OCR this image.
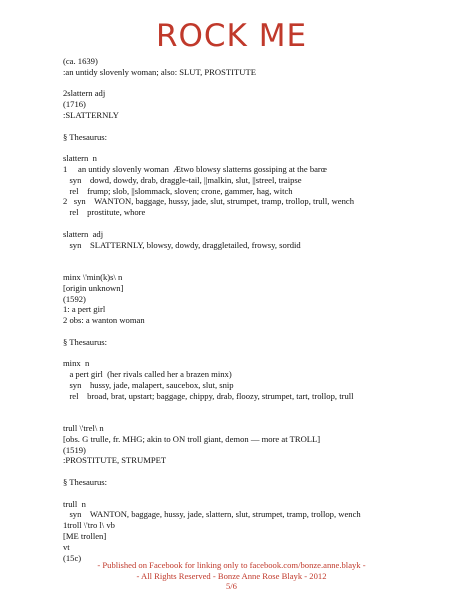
ROCK ME
(ca. 1639)
:an untidy slovenly woman; also: SLUT, PROSTITUTE
2slattern adj
(1716)
:SLATTERNLY
§ Thesaurus:
slattern  n
1     an untidy slovenly woman  Ætwo blowsy slatterns gossiping at the barœ
syn    dowd, dowdy, drab, draggle-tail, ||malkin, slut, ||streel, traipse
rel    frump; slob, ||slommack, sloven; crone, gammer, hag, witch
2   syn    WANTON, baggage, hussy, jade, slut, strumpet, tramp, trollop, trull, wench
rel    prostitute, whore
slattern  adj
syn    SLATTERNLY, blowsy, dowdy, draggletailed, frowsy, sordid
minx \'min(k)s\ n
[origin unknown]
(1592)
1: a pert girl
2 obs: a wanton woman
§ Thesaurus:
minx  n
a pert girl  (her rivals called her a brazen minx)
syn    hussy, jade, malapert, saucebox, slut, snip
rel    broad, brat, upstart; baggage, chippy, drab, floozy, strumpet, tart, trollop, trull
trull \'trel\ n
[obs. G trulle, fr. MHG; akin to ON troll giant, demon — more at TROLL]
(1519)
:PROSTITUTE, STRUMPET
§ Thesaurus:
trull  n
syn    WANTON, baggage, hussy, jade, slattern, slut, strumpet, tramp, trollop, wench
1troll \'tro l\ vb
[ME trollen]
vt
(15c)
- Published on Facebook for linking only to facebook.com/bonze.anne.blayk -
- All Rights Reserved - Bonze Anne Rose Blayk - 2012
5/6
